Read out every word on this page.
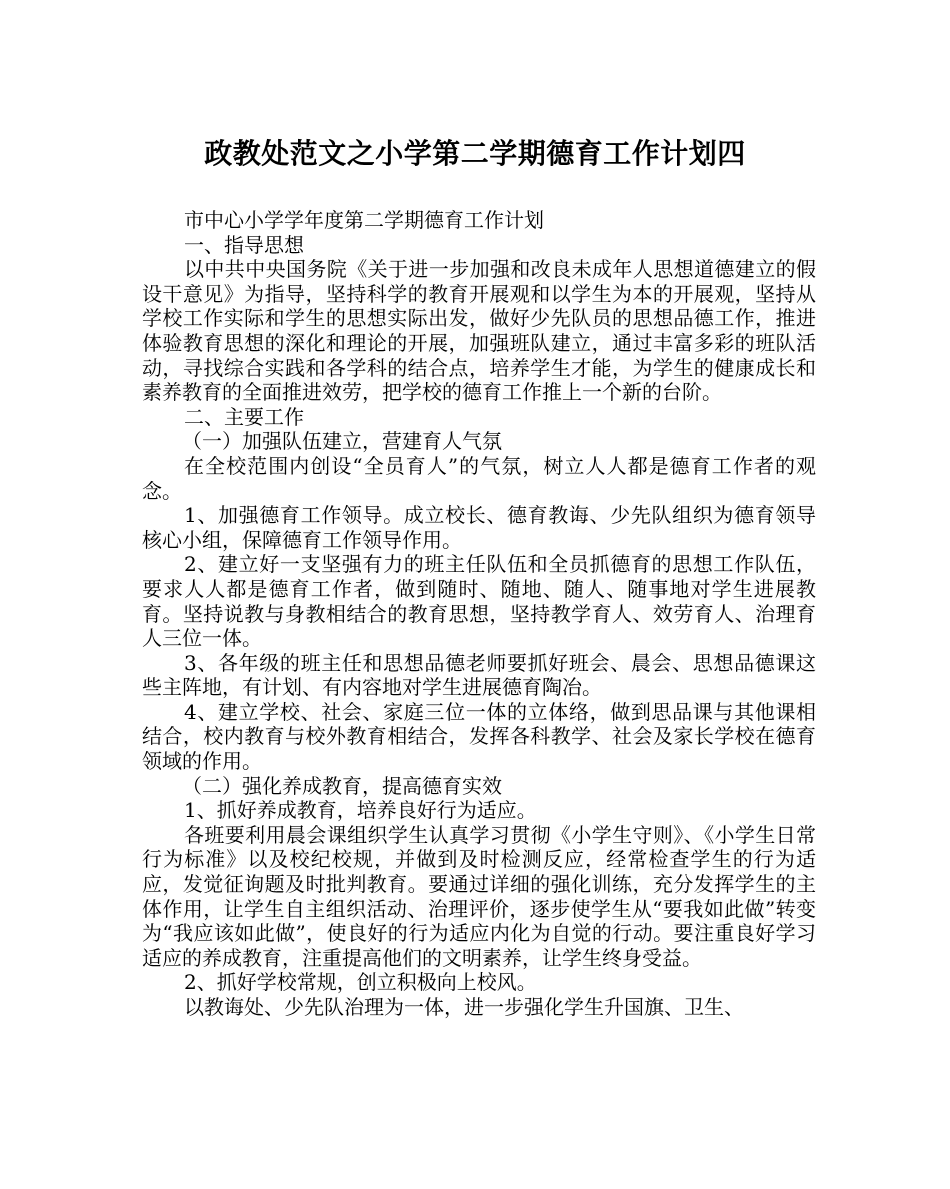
政教处范文之小学第二学期德育工作计划四

市中心小学学年度第二学期德育工作计划

一、指导思想

以中共中央国务院《关于进一步加强和改良未成年人思想道德建立的假设干意见》为指导，坚持科学的教育开展观和以学生为本的开展观，坚持从学校工作实际和学生的思想实际出发，做好少先队员的思想品德工作，推进体验教育思想的深化和理论的开展，加强班队建立，通过丰富多彩的班队活动，寻找综合实践和各学科的结合点，培养学生才能，为学生的健康成长和素养教育的全面推进效劳，把学校的德育工作推上一个新的台阶。

二、主要工作

（一）加强队伍建立，营建育人气氛

在全校范围内创设“全员育人”的气氛，树立人人都是德育工作者的观念。

1、加强德育工作领导。成立校长、德育教诲、少先队组织为德育领导核心小组，保障德育工作领导作用。

2、建立好一支坚强有力的班主任队伍和全员抓德育的思想工作队伍，要求人人都是德育工作者，做到随时、随地、随人、随事地对学生进展教育。坚持说教与身教相结合的教育思想，坚持教学育人、效劳育人、治理育人三位一体。

3、各年级的班主任和思想品德老师要抓好班会、晨会、思想品德课这些主阵地，有计划、有内容地对学生进展德育陶冶。

4、建立学校、社会、家庭三位一体的立体络，做到思品课与其他课相结合，校内教育与校外教育相结合，发挥各科教学、社会及家长学校在德育领域的作用。

（二）强化养成教育，提高德育实效

1、抓好养成教育，培养良好行为适应。

各班要利用晨会课组织学生认真学习贯彻《小学生守则》、《小学生日常行为标准》以及校纪校规，并做到及时检测反应，经常检查学生的行为适应，发觉征询题及时批判教育。要通过详细的强化训练，充分发挥学生的主体作用，让学生自主组织活动、治理评价，逐步使学生从“要我如此做”转变为“我应该如此做”，使良好的行为适应内化为自觉的行动。要注重良好学习适应的养成教育，注重提高他们的文明素养，让学生终身受益。

2、抓好学校常规，创立积极向上校风。

以教诲处、少先队治理为一体，进一步强化学生升国旗、卫生、
